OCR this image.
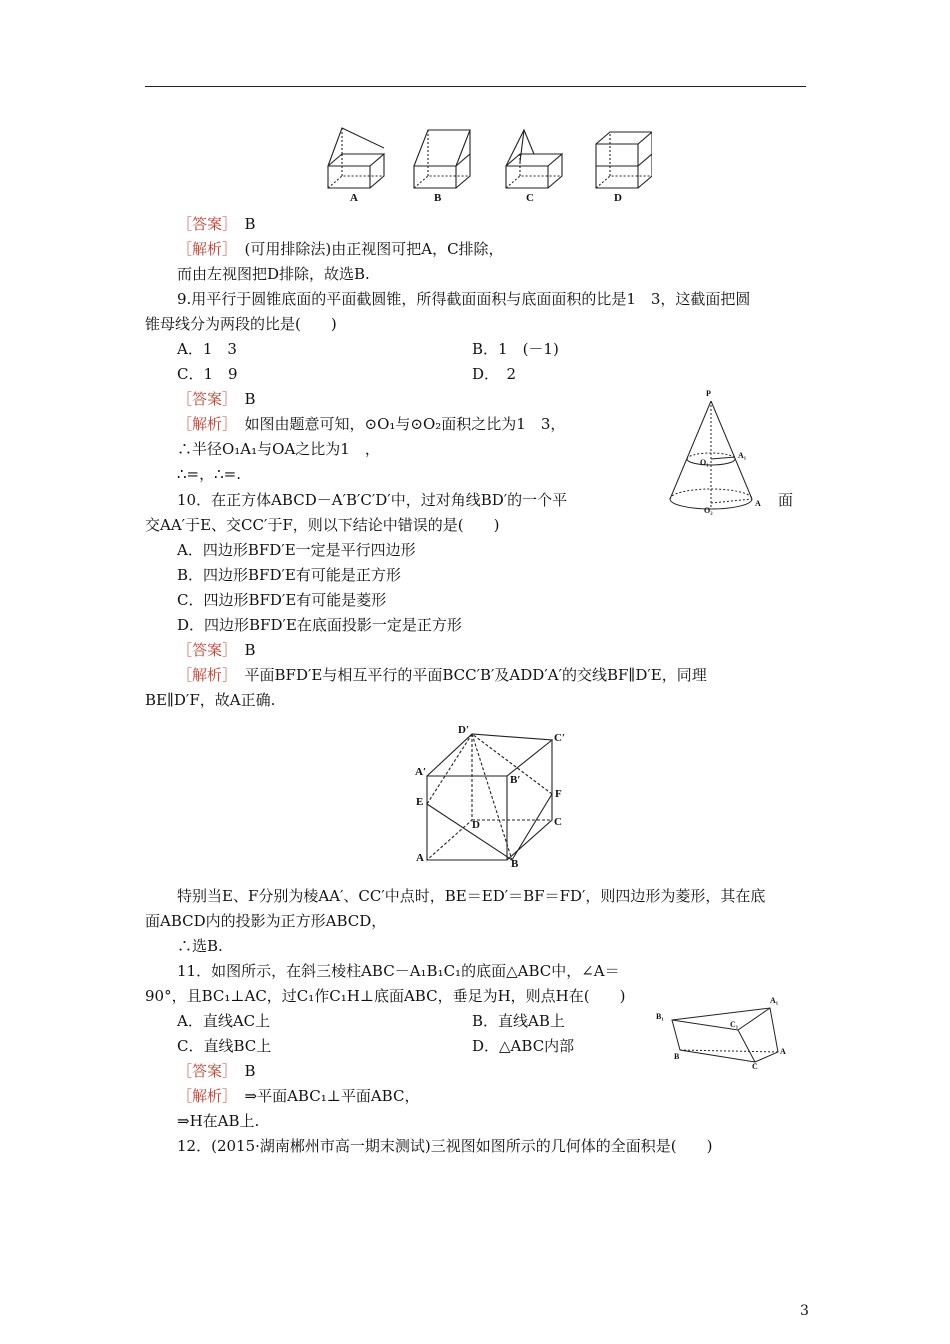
A	B	C	D
［答案］　 B
［解析］　 (可用排除法)由正视图可把A，C排除，
而由左视图把D排除，故选B.
9.用平行于圆锥底面的平面截圆锥，所得截面面积与底面面积的比是1　3，这截面把圆
锥母线分为两段的比是(　　)
A．1　3	B．1　(－1)
C．1　9	D．　2
［答案］　 B
［解析］　 如图由题意可知，⊙O₁与⊙O₂面积之比为1　3，
∴半径O₁A₁与OA之比为1　，
∴=，∴=.
P
A₁
O₁
O₂
A
10．在正方体ABCD－A′B′C′D′中，过对角线BD′的一个平	面
交AA′于E、交CC′于F，则以下结论中错误的是(　　)
A．四边形BFD′E一定是平行四边形
B．四边形BFD′E有可能是正方形
C．四边形BFD′E有可能是菱形
D．四边形BFD′E在底面投影一定是正方形
［答案］　 B
［解析］　 平面BFD′E与相互平行的平面BCC′B′及ADD′A′的交线BF∥D′E，同理
BE∥D′F，故A正确.
D′
C′
A′
B′
E
F
D	C
A	B
特别当E、F分别为棱AA′、CC′中点时，BE＝ED′＝BF＝FD′，则四边形为菱形，其在底
面ABCD内的投影为正方形ABCD，
∴选B.
11．如图所示，在斜三棱柱ABC－A₁B₁C₁的底面△ABC中，∠A＝
90°，且BC₁⊥AC，过C₁作C₁H⊥底面ABC，垂足为H，则点H在(　　)
A．直线AC上	B．直线AB上
C．直线BC上	D．△ABC内部
A₁
B₁
C₁
A
B
C
［答案］　 B
［解析］　 ⇒平面ABC₁⊥平面ABC，
⇒H在AB上.
12．(2015·湖南郴州市高一期末测试)三视图如图所示的几何体的全面积是(　　)
3
